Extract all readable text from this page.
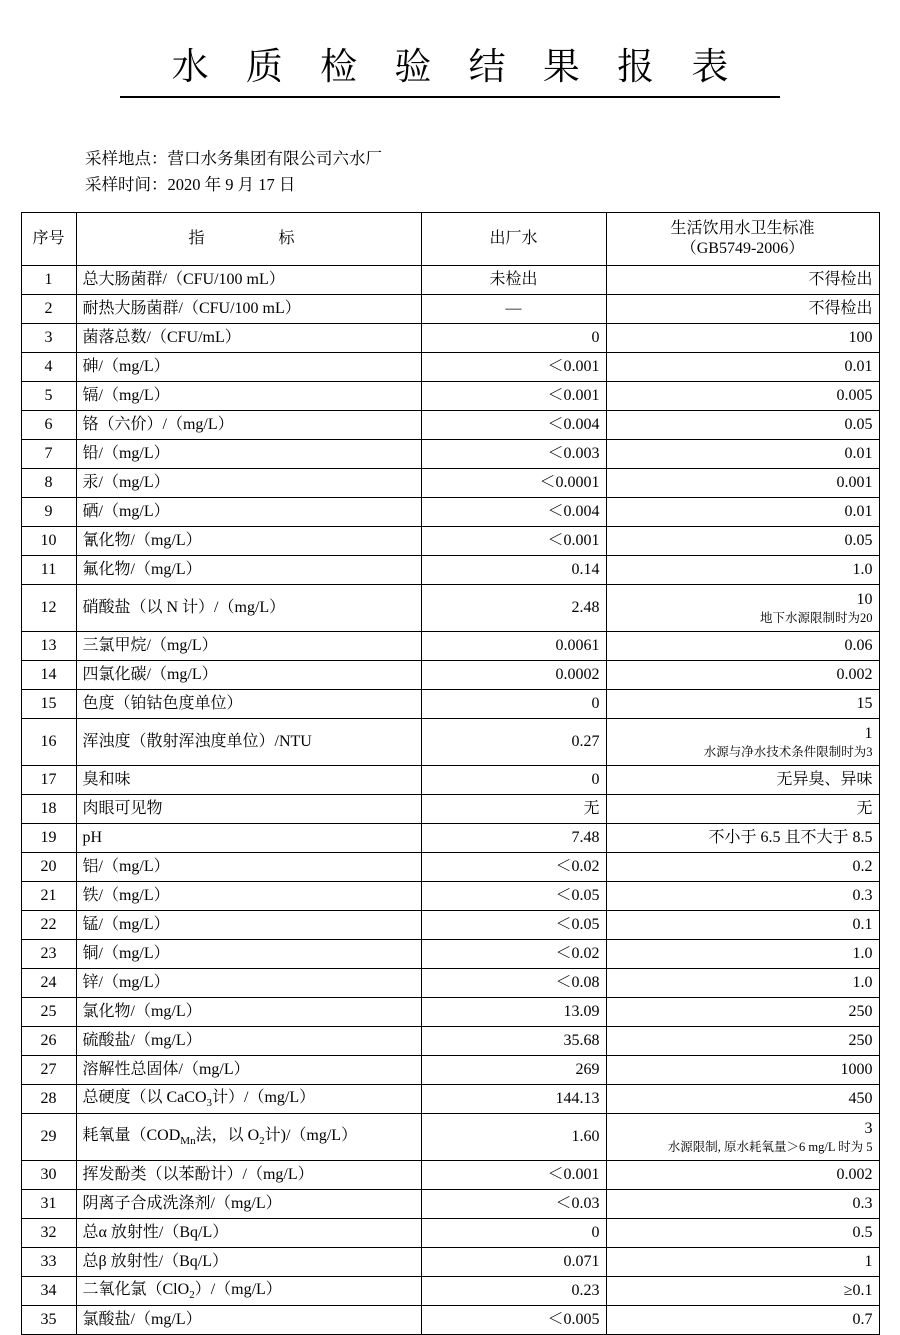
水 质 检 验 结 果 报 表
采样地点：营口水务集团有限公司六水厂
采样时间：2020 年 9 月 17 日
序号	指　　标	出厂水	生活饮用水卫生标准
（GB5749-2006）

1	总大肠菌群/（CFU/100 mL）	未检出	不得检出

2	耐热大肠菌群/（CFU/100 mL）	—	不得检出

3	菌落总数/（CFU/mL）	0	100

4	砷/（mg/L）	＜0.001	0.01

5	镉/（mg/L）	＜0.001	0.005

6	铬（六价）/（mg/L）	＜0.004	0.05

7	铅/（mg/L）	＜0.003	0.01

8	汞/（mg/L）	＜0.0001	0.001

9	硒/（mg/L）	＜0.004	0.01

10	氰化物/（mg/L）	＜0.001	0.05

11	氟化物/（mg/L）	0.14	1.0

12	硝酸盐（以 N 计）/（mg/L）	2.48	10
地下水源限制时为20

13	三氯甲烷/（mg/L）	0.0061	0.06

14	四氯化碳/（mg/L）	0.0002	0.002

15	色度（铂钴色度单位）	0	15

16	浑浊度（散射浑浊度单位）/NTU	0.27	1
水源与净水技术条件限制时为3

17	臭和味	0	无异臭、异味

18	肉眼可见物	无	无

19	pH	7.48	不小于 6.5 且不大于 8.5

20	铝/（mg/L）	＜0.02	0.2

21	铁/（mg/L）	＜0.05	0.3

22	锰/（mg/L）	＜0.05	0.1

23	铜/（mg/L）	＜0.02	1.0

24	锌/（mg/L）	＜0.08	1.0

25	氯化物/（mg/L）	13.09	250

26	硫酸盐/（mg/L）	35.68	250

27	溶解性总固体/（mg/L）	269	1000

28	总硬度（以 CaCO$_3$计）/（mg/L）	144.13	450

29	耗氧量（$COD_{Mn}$法，以 $O_2$计)/（mg/L）	1.60	3
水源限制, 原水耗氧量＞6 mg/L 时为 5

30	挥发酚类（以苯酚计）/（mg/L）	＜0.001	0.002

31	阴离子合成洗涤剂/（mg/L）	＜0.03	0.3

32	总α 放射性/（Bq/L）	0	0.5

33	总β 放射性/（Bq/L）	0.071	1

34	二氧化氯（ClO$_2$）/（mg/L）	0.23	≥0.1

35	氯酸盐/（mg/L）	＜0.005	0.7
